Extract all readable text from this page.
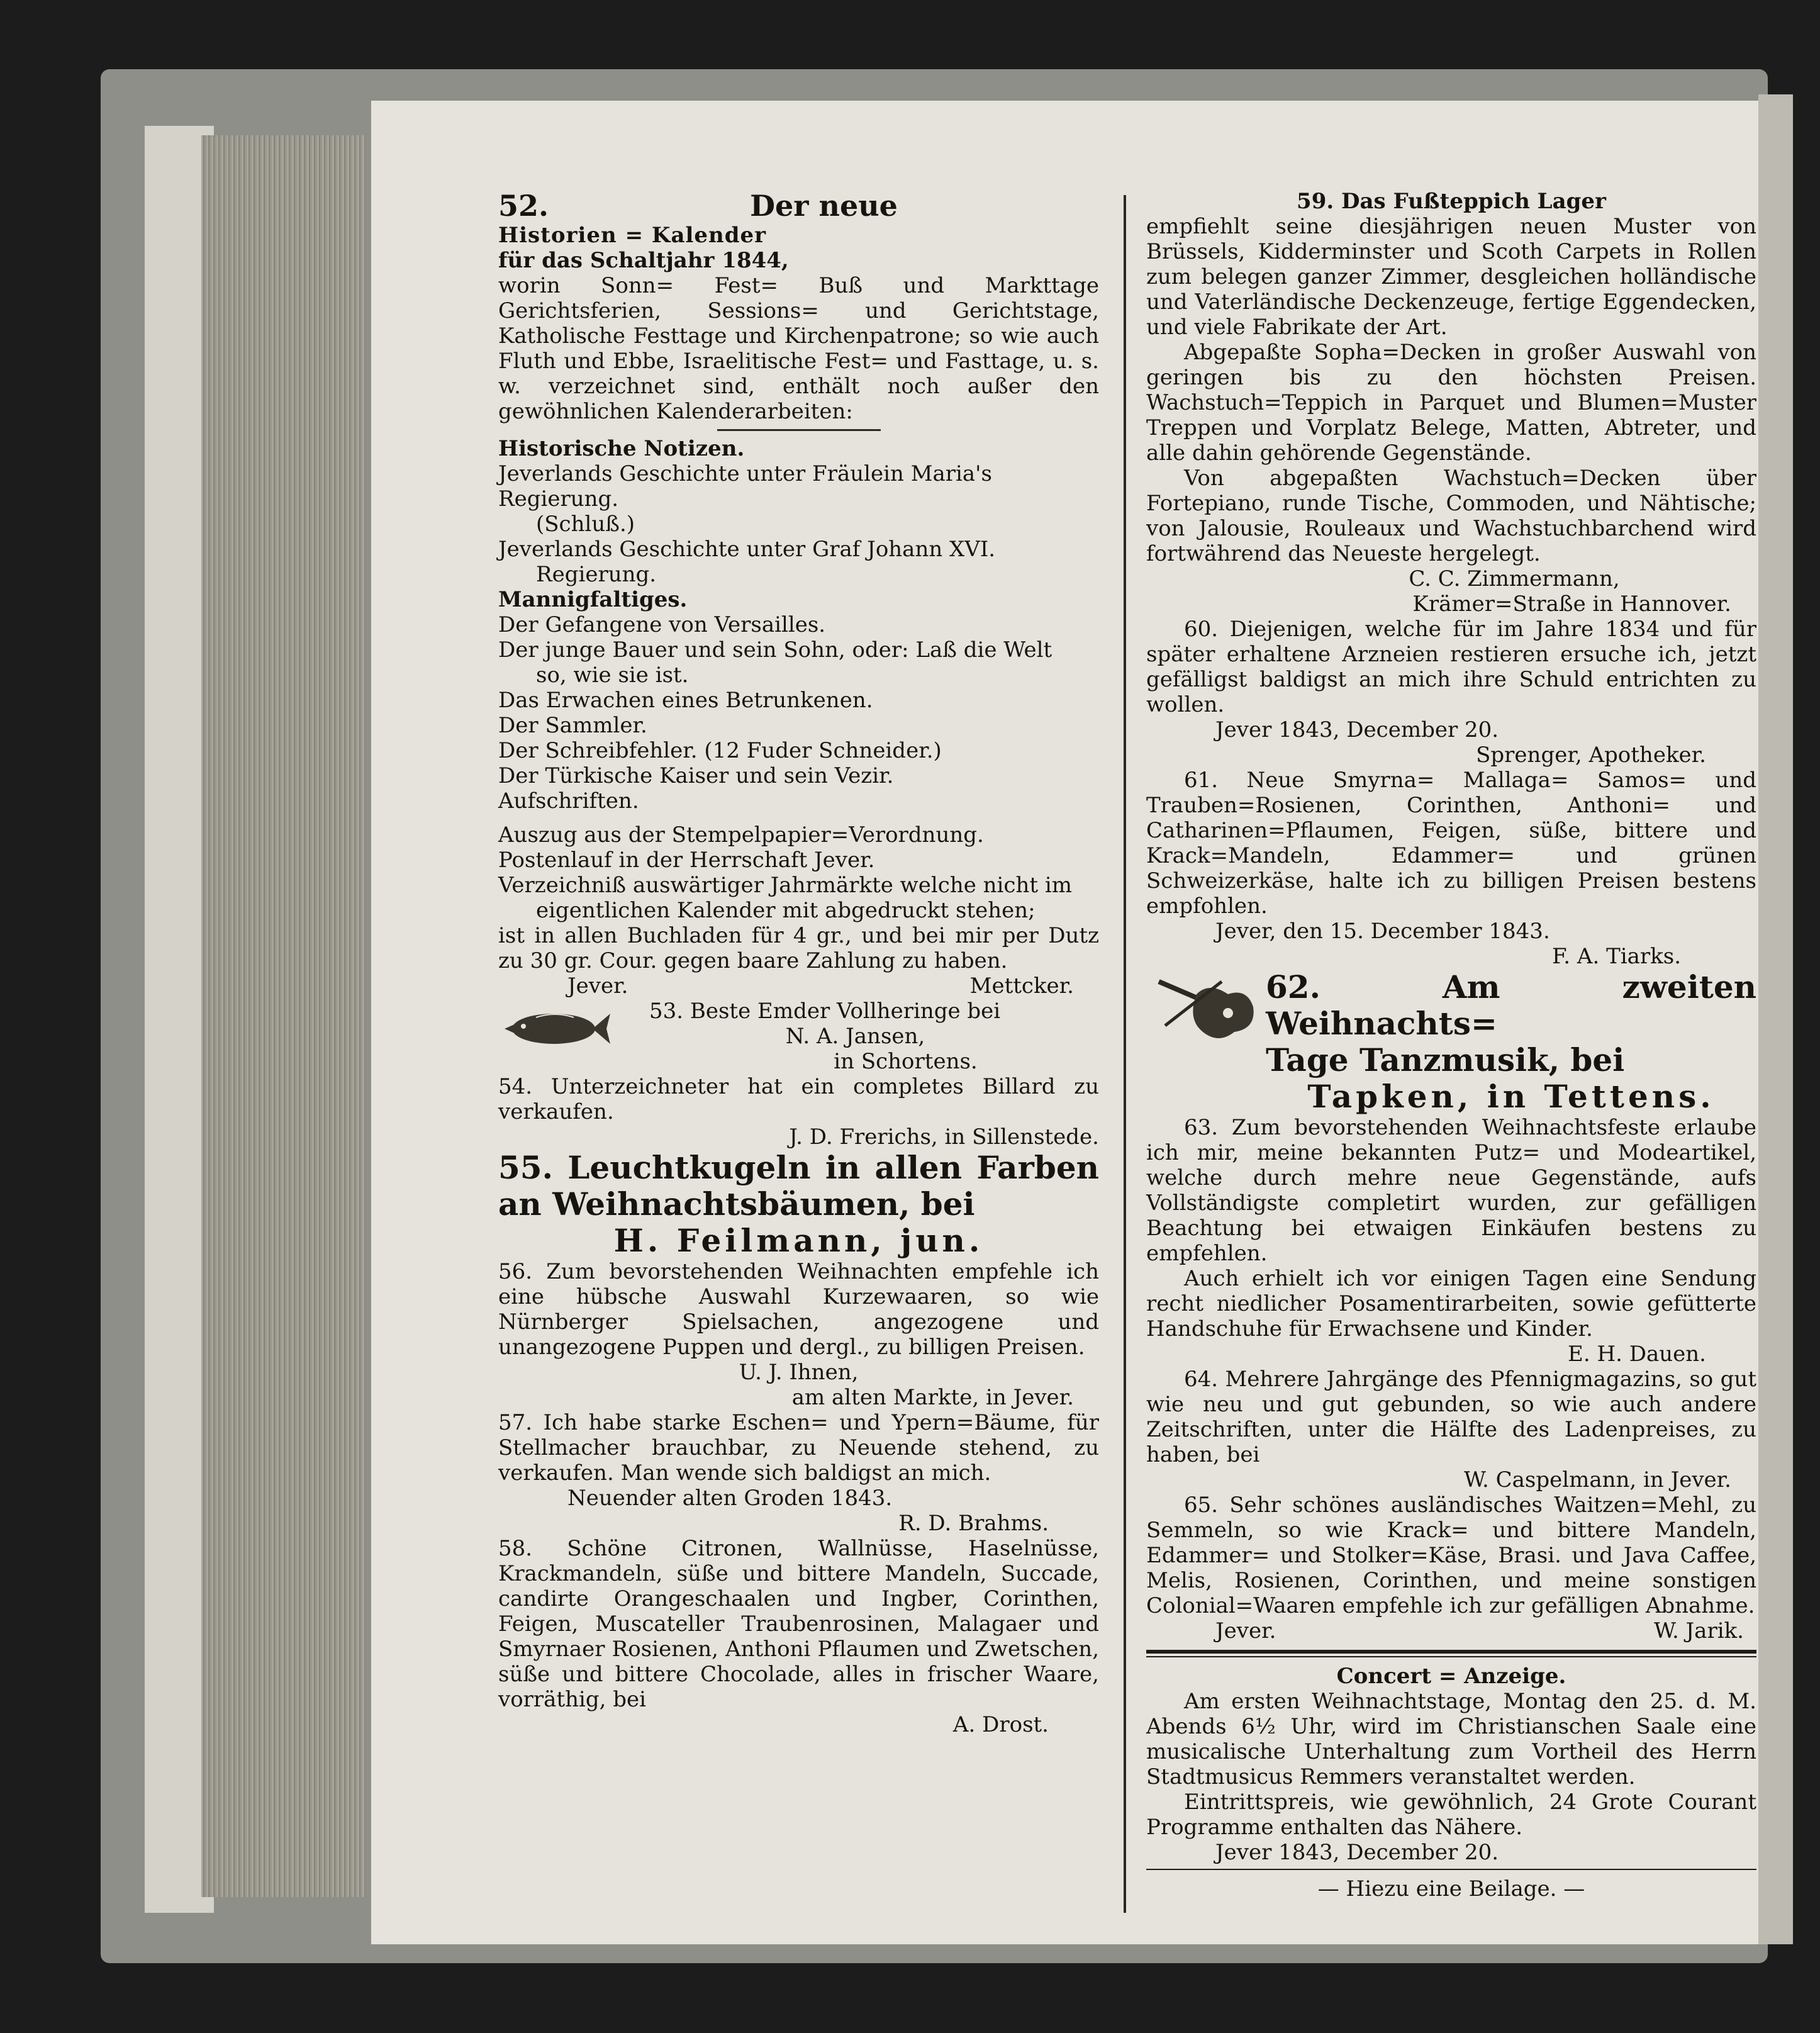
52.	Der neue

Historien = Kalender

für das Schaltjahr 1844,

worin Sonn= Fest= Buß und Markttage Gerichtsferien, Sessions= und Gerichtstage, Katholische Festtage und Kirchenpatrone; so wie auch Fluth und Ebbe, Israelitische Fest= und Fasttage, u. s. w. verzeichnet sind, enthält noch außer den gewöhnlichen Kalenderarbeiten:

Historische Notizen.

Jeverlands Geschichte unter Fräulein Maria's Regierung.

(Schluß.)

Jeverlands Geschichte unter Graf Johann XVI.

Regierung.

Mannigfaltiges.

Der Gefangene von Versailles.

Der junge Bauer und sein Sohn, oder: Laß die Welt

so, wie sie ist.

Das Erwachen eines Betrunkenen.

Der Sammler.

Der Schreibfehler. (12 Fuder Schneider.)

Der Türkische Kaiser und sein Vezir.

Aufschriften.

Auszug aus der Stempelpapier=Verordnung.

Postenlauf in der Herrschaft Jever.

Verzeichniß auswärtiger Jahrmärkte welche nicht im

eigentlichen Kalender mit abgedruckt stehen;

ist in allen Buchladen für 4 gr., und bei mir per Dutz zu 30 gr. Cour. gegen baare Zahlung zu haben.

Jever.	Mettcker.

53. Beste Emder Vollheringe bei

N. A. Jansen,

in Schortens.

54. Unterzeichneter hat ein completes Billard zu verkaufen.

J. D. Frerichs, in Sillenstede.

55. Leuchtkugeln in allen Farben an Weihnachtsbäumen, bei

H. Feilmann, jun.

56. Zum bevorstehenden Weihnachten empfehle ich eine hübsche Auswahl Kurzewaaren, so wie Nürnberger Spielsachen, angezogene und unangezogene Puppen und dergl., zu billigen Preisen.

U. J. Ihnen,

am alten Markte, in Jever.

57. Ich habe starke Eschen= und Ypern=Bäume, für Stellmacher brauchbar, zu Neuende stehend, zu verkaufen. Man wende sich baldigst an mich.

Neuender alten Groden 1843.

R. D. Brahms.

58. Schöne Citronen, Wallnüsse, Haselnüsse, Krackmandeln, süße und bittere Mandeln, Succade, candirte Orangeschaalen und Ingber, Corinthen, Feigen, Muscateller Traubenrosinen, Malagaer und Smyrnaer Rosienen, Anthoni Pflaumen und Zwetschen, süße und bittere Chocolade, alles in frischer Waare, vorräthig, bei

A. Drost.

59. Das Fußteppich Lager

empfiehlt seine diesjährigen neuen Muster von Brüssels, Kidderminster und Scoth Carpets in Rollen zum belegen ganzer Zimmer, desgleichen holländische und Vaterländische Deckenzeuge, fertige Eggendecken, und viele Fabrikate der Art.

Abgepaßte Sopha=Decken in großer Auswahl von geringen bis zu den höchsten Preisen. Wachstuch=Teppich in Parquet und Blumen=Muster Treppen und Vorplatz Belege, Matten, Abtreter, und alle dahin gehörende Gegenstände.

Von abgepaßten Wachstuch=Decken über Fortepiano, runde Tische, Commoden, und Nähtische; von Jalousie, Rouleaux und Wachstuchbarchend wird fortwährend das Neueste hergelegt.

C. C. Zimmermann,

Krämer=Straße in Hannover.

60. Diejenigen, welche für im Jahre 1834 und für später erhaltene Arzneien restieren ersuche ich, jetzt gefälligst baldigst an mich ihre Schuld entrichten zu wollen.

Jever 1843, December 20.

Sprenger, Apotheker.

61. Neue Smyrna= Mallaga= Samos= und Trauben=Rosienen, Corinthen, Anthoni= und Catharinen=Pflaumen, Feigen, süße, bittere und Krack=Mandeln, Edammer= und grünen Schweizerkäse, halte ich zu billigen Preisen bestens empfohlen.

Jever, den 15. December 1843.

F. A. Tiarks.

62. Am zweiten Weihnachts=

Tage Tanzmusik, bei

Tapken, in Tettens.

63. Zum bevorstehenden Weihnachtsfeste erlaube ich mir, meine bekannten Putz= und Modeartikel, welche durch mehre neue Gegenstände, aufs Vollständigste completirt wurden, zur gefälligen Beachtung bei etwaigen Einkäufen bestens zu empfehlen.

Auch erhielt ich vor einigen Tagen eine Sendung recht niedlicher Posamentirarbeiten, sowie gefütterte Handschuhe für Erwachsene und Kinder.

E. H. Dauen.

64. Mehrere Jahrgänge des Pfennigmagazins, so gut wie neu und gut gebunden, so wie auch andere Zeitschriften, unter die Hälfte des Ladenpreises, zu haben, bei

W. Caspelmann, in Jever.

65. Sehr schönes ausländisches Waitzen=Mehl, zu Semmeln, so wie Krack= und bittere Mandeln, Edammer= und Stolker=Käse, Brasi. und Java Caffee, Melis, Rosienen, Corinthen, und meine sonstigen Colonial=Waaren empfehle ich zur gefälligen Abnahme.

Jever.	W. Jarik.

Concert = Anzeige.

Am ersten Weihnachtstage, Montag den 25. d. M. Abends 6½ Uhr, wird im Christianschen Saale eine musicalische Unterhaltung zum Vortheil des Herrn Stadtmusicus Remmers veranstaltet werden.

Eintrittspreis, wie gewöhnlich, 24 Grote Courant Programme enthalten das Nähere.

Jever 1843, December 20.

— Hiezu eine Beilage. —
